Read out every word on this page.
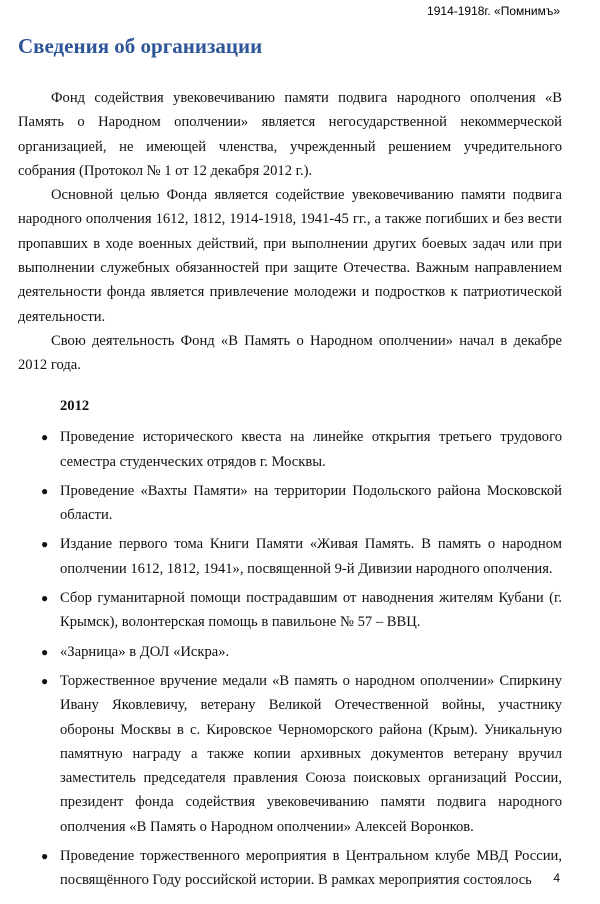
1914-1918г. «Помнимъ»
Сведения об организации

Фонд содействия увековечиванию памяти подвига народного ополчения «В Память о Народном ополчении» является негосударственной некоммерческой организацией, не имеющей членства, учрежденный решением учредительного собрания (Протокол № 1 от 12 декабря 2012 г.).

Основной целью Фонда является содействие увековечиванию памяти подвига народного ополчения 1612, 1812, 1914-1918, 1941-45 гг., а также погибших и без вести пропавших в ходе военных действий, при выполнении других боевых задач или при выполнении служебных обязанностей при защите Отечества. Важным направлением деятельности фонда является привлечение молодежи и подростков к патриотической деятельности.

Свою деятельность Фонд «В Память о Народном ополчении» начал в декабре 2012 года.

2012

● Проведение исторического квеста на линейке открытия третьего трудового семестра студенческих отрядов г. Москвы.
● Проведение «Вахты Памяти» на территории Подольского района Московской области.
● Издание первого тома Книги Памяти «Живая Память. В память о народном ополчении 1612, 1812, 1941», посвященной 9-й Дивизии народного ополчения.
● Сбор гуманитарной помощи пострадавшим от наводнения жителям Кубани (г. Крымск), волонтерская помощь в павильоне № 57 – ВВЦ.
● «Зарница» в ДОЛ «Искра».
● Торжественное вручение медали «В память о народном ополчении» Спиркину Ивану Яковлевичу, ветерану Великой Отечественной войны, участнику обороны Москвы в с. Кировское Черноморского района (Крым). Уникальную памятную награду а также копии архивных документов ветерану вручил заместитель председателя правления Союза поисковых организаций России, президент фонда содействия увековечиванию памяти подвига народного ополчения «В Память о Народном ополчении» Алексей Воронков.
● Проведение торжественного мероприятия в Центральном клубе МВД России, посвящённого Году российской истории. В рамках мероприятия состоялось	4
